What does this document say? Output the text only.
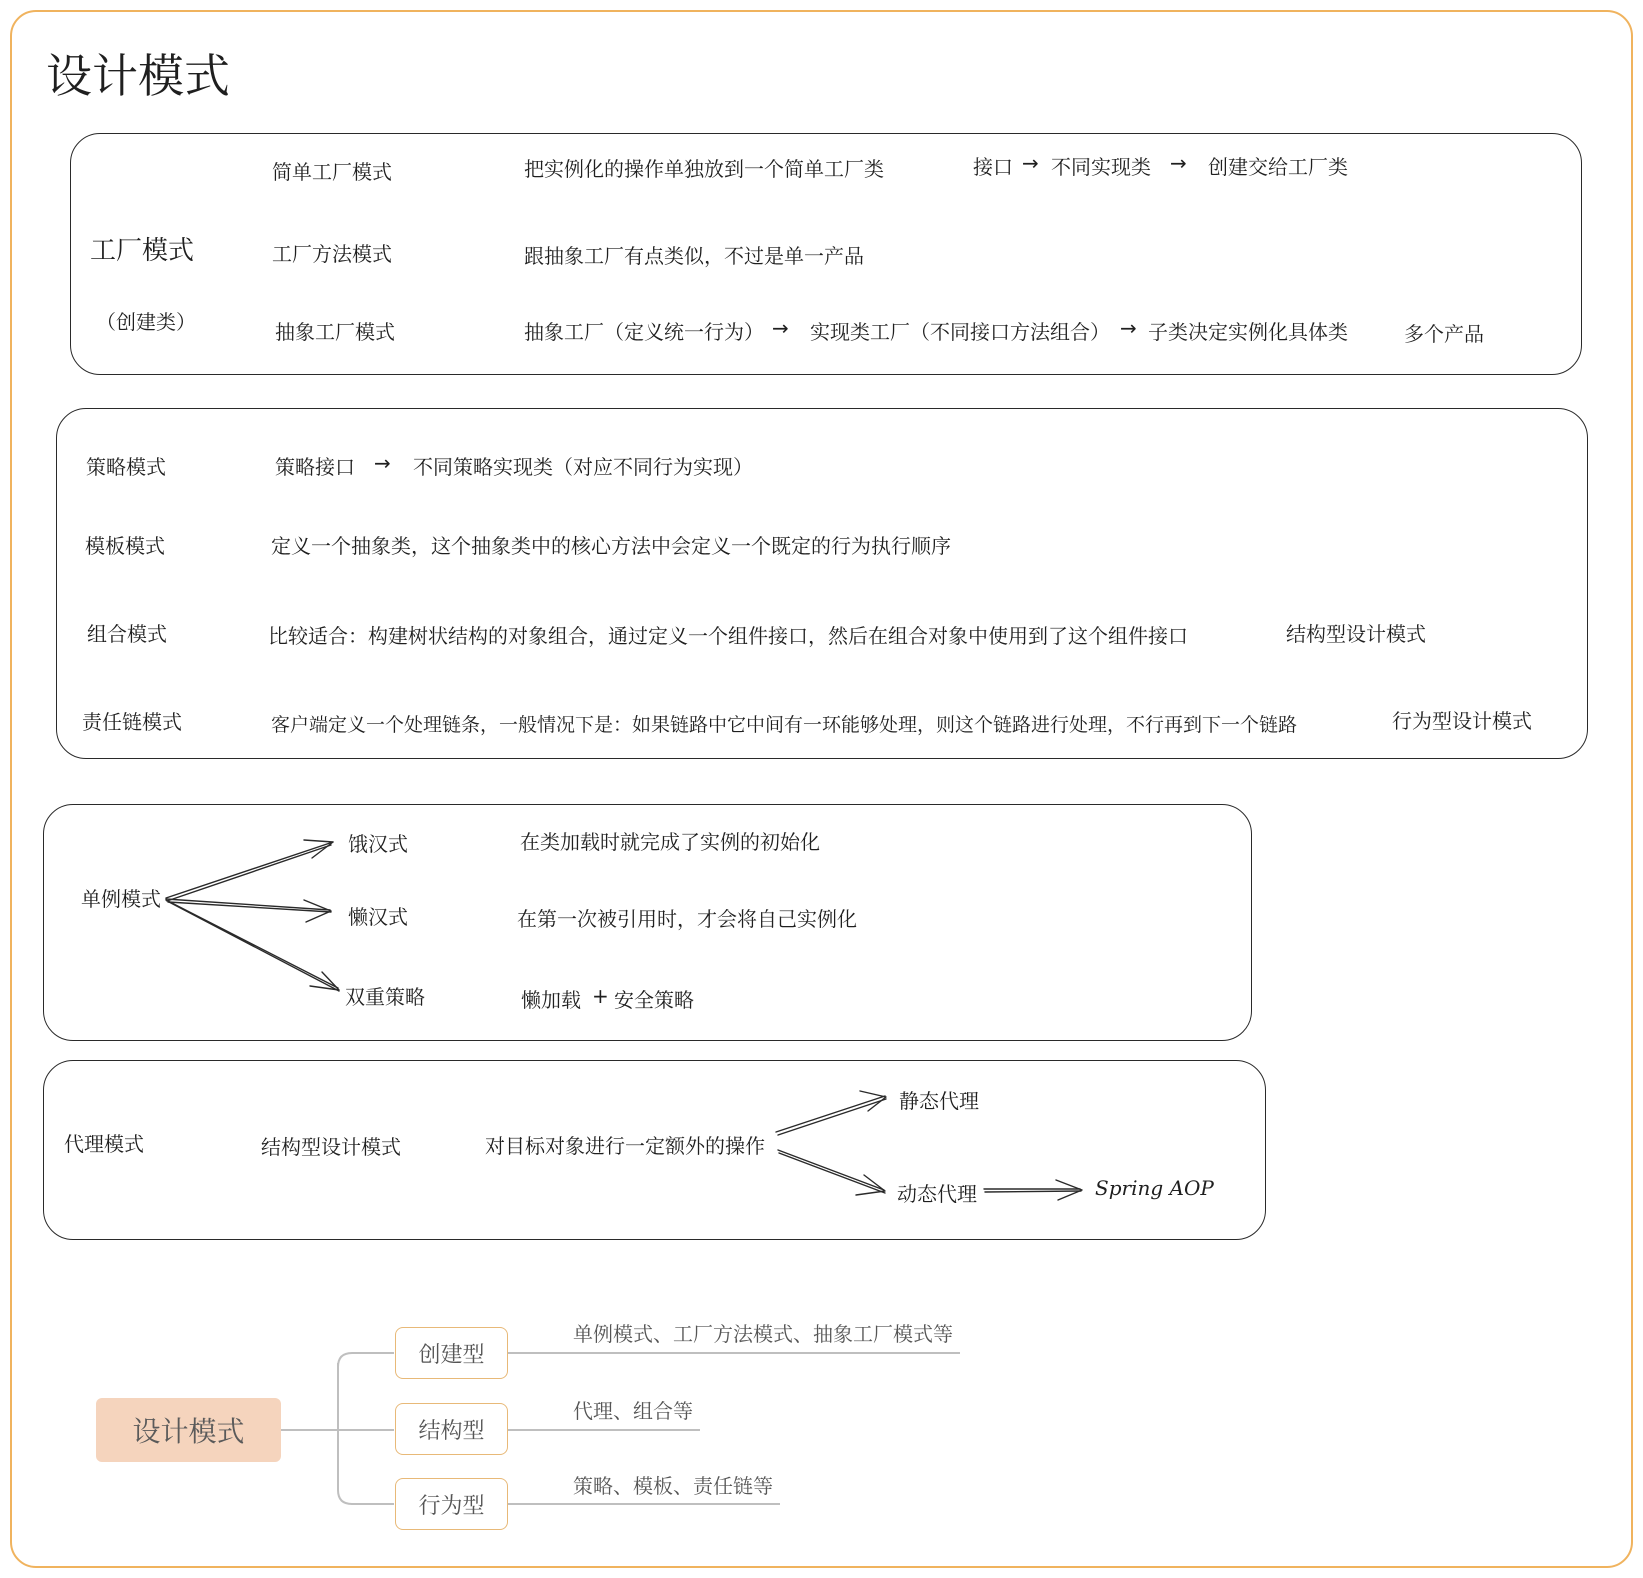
设计模式
工厂模式
（创建类）
简单工厂模式	把实例化的操作单独放到一个简单工厂类	接口 → 不同实现类 → 创建交给工厂类
工厂方法模式	跟抽象工厂有点类似，不过是单一产品
抽象工厂模式	抽象工厂（定义统一行为） → 实现类工厂（不同接口方法组合） → 子类决定实例化具体类	多个产品
策略模式	策略接口 → 不同策略实现类（对应不同行为实现）
模板模式	定义一个抽象类，这个抽象类中的核心方法中会定义一个既定的行为执行顺序
组合模式	比较适合：构建树状结构的对象组合，通过定义一个组件接口，然后在组合对象中使用到了这个组件接口	结构型设计模式
责任链模式	客户端定义一个处理链条，一般情况下是：如果链路中它中间有一环能够处理，则这个链路进行处理，不行再到下一个链路	行为型设计模式
单例模式
饿汉式	在类加载时就完成了实例的初始化
懒汉式	在第一次被引用时，才会将自己实例化
双重策略	懒加载 + 安全策略
代理模式	结构型设计模式	对目标对象进行一定额外的操作
静态代理
动态代理	Spring AOP
设计模式
创建型
单例模式、工厂方法模式、抽象工厂模式等
结构型
代理、组合等
行为型
策略、模板、责任链等
